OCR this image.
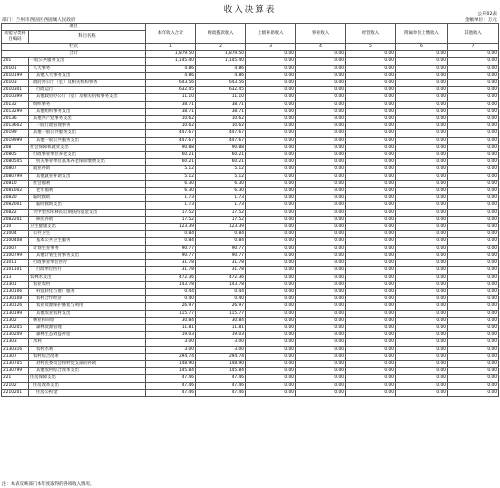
收入决算表	公开02表
部门：兰州市西固区西固城人民政府	金额单位：万元
项目		本年收入合计	财政拨款收入	上级补助收入	事业收入	经营收入	附属单位上缴收入	其他收入
功能分类科目编码	科目名称							

栏次		1	2	3	4	5	6	7
合计		1,879.50	1,879.50	0.00	0.00	0.00	0.00	0.00
201	一般公共服务支出	1,145.40	1,145.40	0.00	0.00	0.00	0.00	0.00
20101	人大事务	4.86	4.86	0.00	0.00	0.00	0.00	0.00
2010199	其他人大事务支出	4.86	4.86	0.00	0.00	0.00	0.00	0.00
20103	政府办公厅（室）及相关机构事务	643.56	643.56	0.00	0.00	0.00	0.00	0.00
2010301	行政运行	632.45	632.45	0.00	0.00	0.00	0.00	0.00
2010399	其他政府办公厅（室）及相关机构事务支出	11.10	11.10	0.00	0.00	0.00	0.00	0.00
20132	组织事务	38.71	38.71	0.00	0.00	0.00	0.00	0.00
2013299	其他组织事务支出	38.71	38.71	0.00	0.00	0.00	0.00	0.00
20136	其他共产党事务支出	10.62	10.62	0.00	0.00	0.00	0.00	0.00
2013602	一般行政管理事务	10.62	10.62	0.00	0.00	0.00	0.00	0.00
20199	其他一般公共服务支出	447.67	447.67	0.00	0.00	0.00	0.00	0.00
2019999	其他一般公共服务支出	447.67	447.67	0.00	0.00	0.00	0.00	0.00
208	社会保障和就业支出	90.88	90.88	0.00	0.00	0.00	0.00	0.00
20805	行政事业单位养老支出	60.21	60.21	0.00	0.00	0.00	0.00	0.00
2080505	机关事业单位基本养老保险缴费支出	60.21	60.21	0.00	0.00	0.00	0.00	0.00
20807	就业补助	5.12	5.12	0.00	0.00	0.00	0.00	0.00
2080799	其他就业补助支出	5.12	5.12	0.00	0.00	0.00	0.00	0.00
20810	社会福利	6.30	6.30	0.00	0.00	0.00	0.00	0.00
2081002	老年福利	6.30	6.30	0.00	0.00	0.00	0.00	0.00
20820	临时救助	1.73	1.73	0.00	0.00	0.00	0.00	0.00
2082001	临时救助支出	1.73	1.73	0.00	0.00	0.00	0.00	0.00
20822	大中型水库移民后期扶持基金支出	17.52	17.52	0.00	0.00	0.00	0.00	0.00
2082201	移民补助	17.52	17.52	0.00	0.00	0.00	0.00	0.00
210	卫生健康支出	123.39	123.39	0.00	0.00	0.00	0.00	0.00
21004	公共卫生	0.84	0.84	0.00	0.00	0.00	0.00	0.00
2100408	基本公共卫生服务	0.84	0.84	0.00	0.00	0.00	0.00	0.00
21007	计划生育事务	90.77	90.77	0.00	0.00	0.00	0.00	0.00
2100799	其他计划生育事务支出	90.77	90.77	0.00	0.00	0.00	0.00	0.00
21011	行政事业单位医疗	31.78	31.78	0.00	0.00	0.00	0.00	0.00
2101101	行政单位医疗	31.78	31.78	0.00	0.00	0.00	0.00	0.00
213	农林水支出	472.36	472.36	0.00	0.00	0.00	0.00	0.00
21301	农业农村	143.78	143.78	0.00	0.00	0.00	0.00	0.00
2130106	科技转化与推广服务	0.44	0.44	0.00	0.00	0.00	0.00	0.00
2130108	农村合作经济	0.40	0.40	0.00	0.00	0.00	0.00	0.00
2130126	农业资源保护修复与利用	26.97	26.97	0.00	0.00	0.00	0.00	0.00
2130199	其他农业农村支出	115.77	115.77	0.00	0.00	0.00	0.00	0.00
21302	林业和草原	30.84	30.84	0.00	0.00	0.00	0.00	0.00
2130205	森林资源管理	11.81	11.81	0.00	0.00	0.00	0.00	0.00
2130209	森林生态效益补偿	19.03	19.03	0.00	0.00	0.00	0.00	0.00
21303	水利	3.00	3.00	0.00	0.00	0.00	0.00	0.00
2130316	农村水利	3.00	3.00	0.00	0.00	0.00	0.00	0.00
21307	农村综合改革	294.74	294.74	0.00	0.00	0.00	0.00	0.00
2130705	对村民委员会和村党支部的补助	148.90	148.90	0.00	0.00	0.00	0.00	0.00
2130799	其他农村综合改革支出	145.84	145.84	0.00	0.00	0.00	0.00	0.00
221	住房保障支出	47.46	47.46	0.00	0.00	0.00	0.00	0.00
22102	住房改革支出	47.46	47.46	0.00	0.00	0.00	0.00	0.00
2210201	住房公积金	47.46	47.46	0.00	0.00	0.00	0.00	0.00
注：本表反映部门本年度取得的各项收入情况。
